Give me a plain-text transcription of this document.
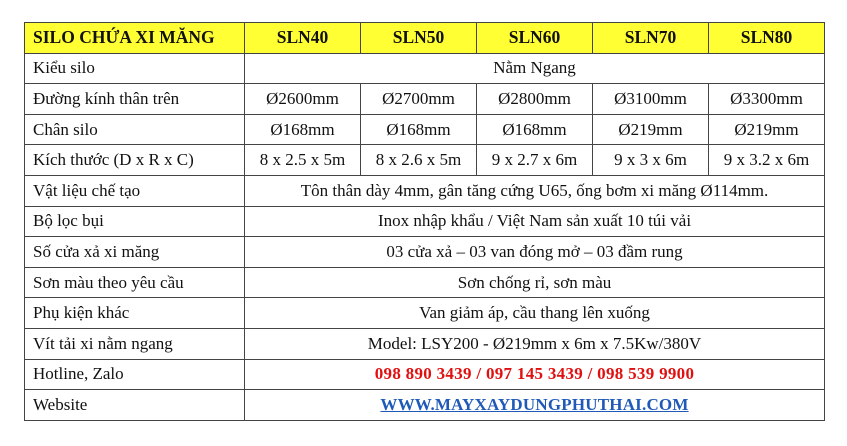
SILO CHỨA XI MĂNG	SLN40	SLN50	SLN60	SLN70	SLN80
Kiểu silo	Nằm Ngang				
Đường kính thân trên	Ø2600mm	Ø2700mm	Ø2800mm	Ø3100mm	Ø3300mm
Chân silo	Ø168mm	Ø168mm	Ø168mm	Ø219mm	Ø219mm
Kích thước (D x R x C)	8 x 2.5 x 5m	8 x 2.6 x 5m	9 x 2.7 x 6m	9 x 3 x 6m	9 x 3.2 x 6m
Vật liệu chế tạo	Tôn thân dày 4mm, gân tăng cứng U65, ống bơm xi măng Ø114mm.				
Bộ lọc bụi	Inox nhập khẩu / Việt Nam sản xuất 10 túi vải				
Số cửa xả xi măng	03 cửa xả – 03 van đóng mở – 03 đầm rung				
Sơn màu theo yêu cầu	Sơn chống rỉ, sơn màu				
Phụ kiện khác	Van giảm áp, cầu thang lên xuống				
Vít tải xi nằm ngang	Model: LSY200 - Ø219mm x 6m x 7.5Kw/380V				
Hotline, Zalo	098 890 3439 / 097 145 3439 / 098 539 9900				
Website	WWW.MAYXAYDUNGPHUTHAI.COM				
